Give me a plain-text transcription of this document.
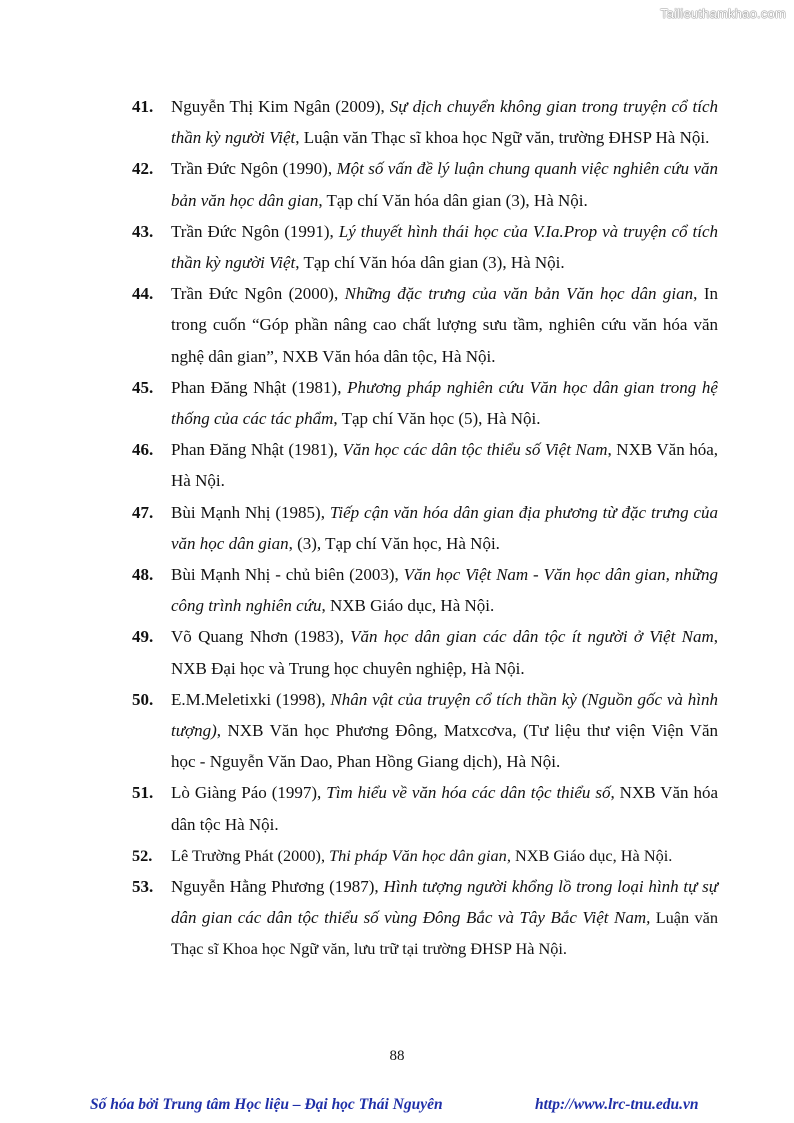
Tailieuthamkhao.com
41. Nguyễn Thị Kim Ngân (2009), Sự dịch chuyển không gian trong truyện cổ tích thần kỳ người Việt, Luận văn Thạc sĩ khoa học Ngữ văn, trường ĐHSP Hà Nội.
42. Trần Đức Ngôn (1990), Một số vấn đề lý luận chung quanh việc nghiên cứu văn bản văn học dân gian, Tạp chí Văn hóa dân gian (3), Hà Nội.
43. Trần Đức Ngôn (1991), Lý thuyết hình thái học của V.Ia.Prop và truyện cổ tích thần kỳ người Việt, Tạp chí Văn hóa dân gian (3), Hà Nội.
44. Trần Đức Ngôn (2000), Những đặc trưng của văn bản Văn học dân gian, In trong cuốn “Góp phần nâng cao chất lượng sưu tầm, nghiên cứu văn hóa văn nghệ dân gian”, NXB Văn hóa dân tộc, Hà Nội.
45. Phan Đăng Nhật (1981), Phương pháp nghiên cứu Văn học dân gian trong hệ thống của các tác phẩm, Tạp chí Văn học (5), Hà Nội.
46. Phan Đăng Nhật (1981), Văn học các dân tộc thiểu số Việt Nam, NXB Văn hóa, Hà Nội.
47. Bùi Mạnh Nhị (1985), Tiếp cận văn hóa dân gian địa phương từ đặc trưng của văn học dân gian, (3), Tạp chí Văn học, Hà Nội.
48. Bùi Mạnh Nhị - chủ biên (2003), Văn học Việt Nam - Văn học dân gian, những công trình nghiên cứu, NXB Giáo dục, Hà Nội.
49. Võ Quang Nhơn (1983), Văn học dân gian các dân tộc ít người ở Việt Nam, NXB Đại học và Trung học chuyên nghiệp, Hà Nội.
50. E.M.Meletixki (1998), Nhân vật của truyện cổ tích thần kỳ (Nguồn gốc và hình tượng), NXB Văn học Phương Đông, Matxcơva, (Tư liệu thư viện Viện Văn học - Nguyễn Văn Dao, Phan Hồng Giang dịch), Hà Nội.
51. Lò Giàng Páo (1997), Tìm hiểu về văn hóa các dân tộc thiểu số, NXB Văn hóa dân tộc Hà Nội.
52. Lê Trường Phát (2000), Thi pháp Văn học dân gian, NXB Giáo dục, Hà Nội.
53. Nguyễn Hằng Phương (1987), Hình tượng người khổng lồ trong loại hình tự sự dân gian các dân tộc thiểu số vùng Đông Bắc và Tây Bắc Việt Nam, Luận văn Thạc sĩ Khoa học Ngữ văn, lưu trữ tại trường ĐHSP Hà Nội.
88
Số hóa bởi Trung tâm Học liệu – Đại học Thái Nguyên	http://www.lrc-tnu.edu.vn
